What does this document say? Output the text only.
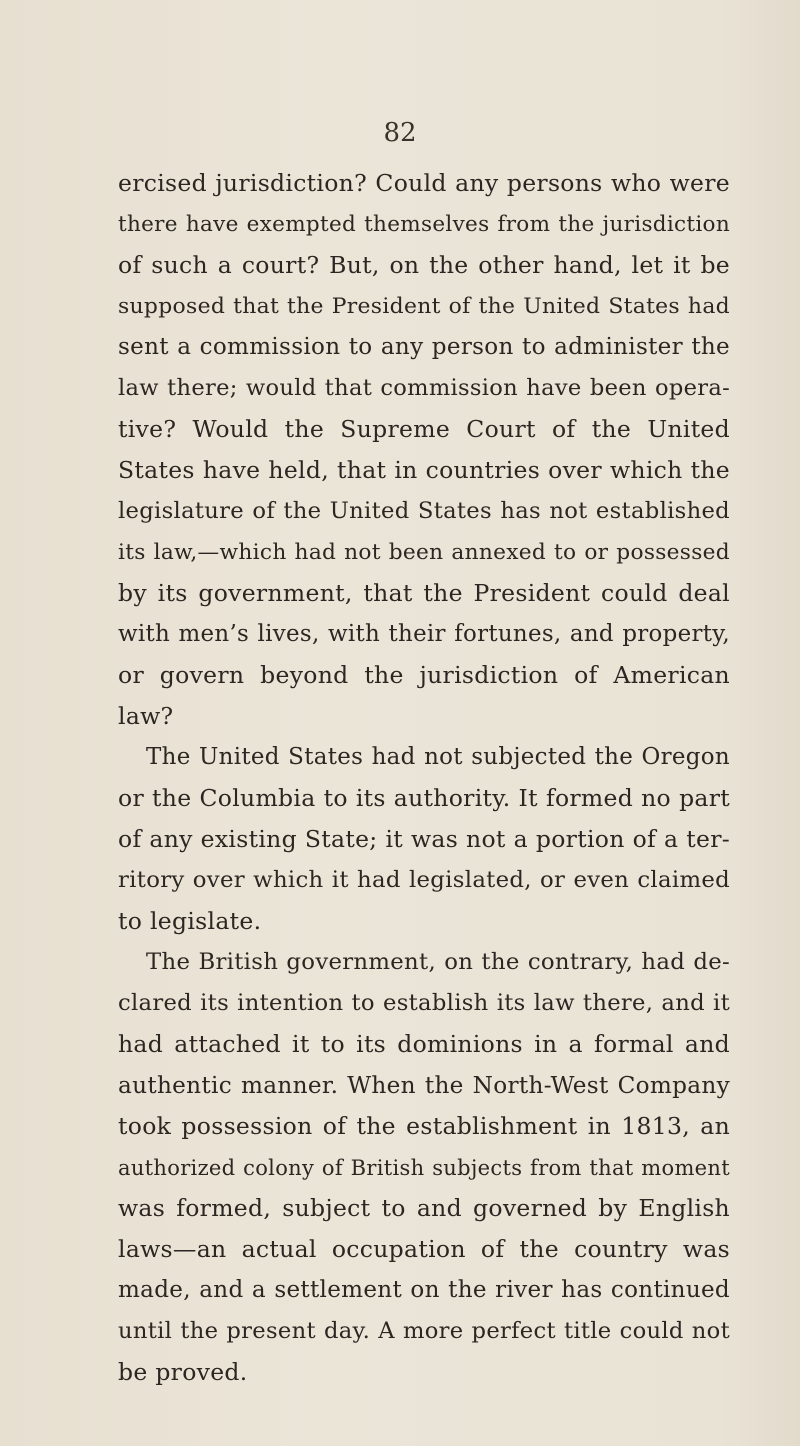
82
ercised jurisdiction? Could any persons who were
there have exempted themselves from the jurisdiction
of such a court? But, on the other hand, let it be
supposed that the President of the United States had
sent a commission to any person to administer the
law there; would that commission have been opera-
tive? Would the Supreme Court of the United
States have held, that in countries over which the
legislature of the United States has not established
its law,—which had not been annexed to or possessed
by its government, that the President could deal
with men’s lives, with their fortunes, and property,
or govern beyond the jurisdiction of American
law?
The United States had not subjected the Oregon
or the Columbia to its authority. It formed no part
of any existing State; it was not a portion of a ter-
ritory over which it had legislated, or even claimed
to legislate.
The British government, on the contrary, had de-
clared its intention to establish its law there, and it
had attached it to its dominions in a formal and
authentic manner. When the North-West Company
took possession of the establishment in 1813, an
authorized colony of British subjects from that moment
was formed, subject to and governed by English
laws—an actual occupation of the country was
made, and a settlement on the river has continued
until the present day. A more perfect title could not
be proved.
